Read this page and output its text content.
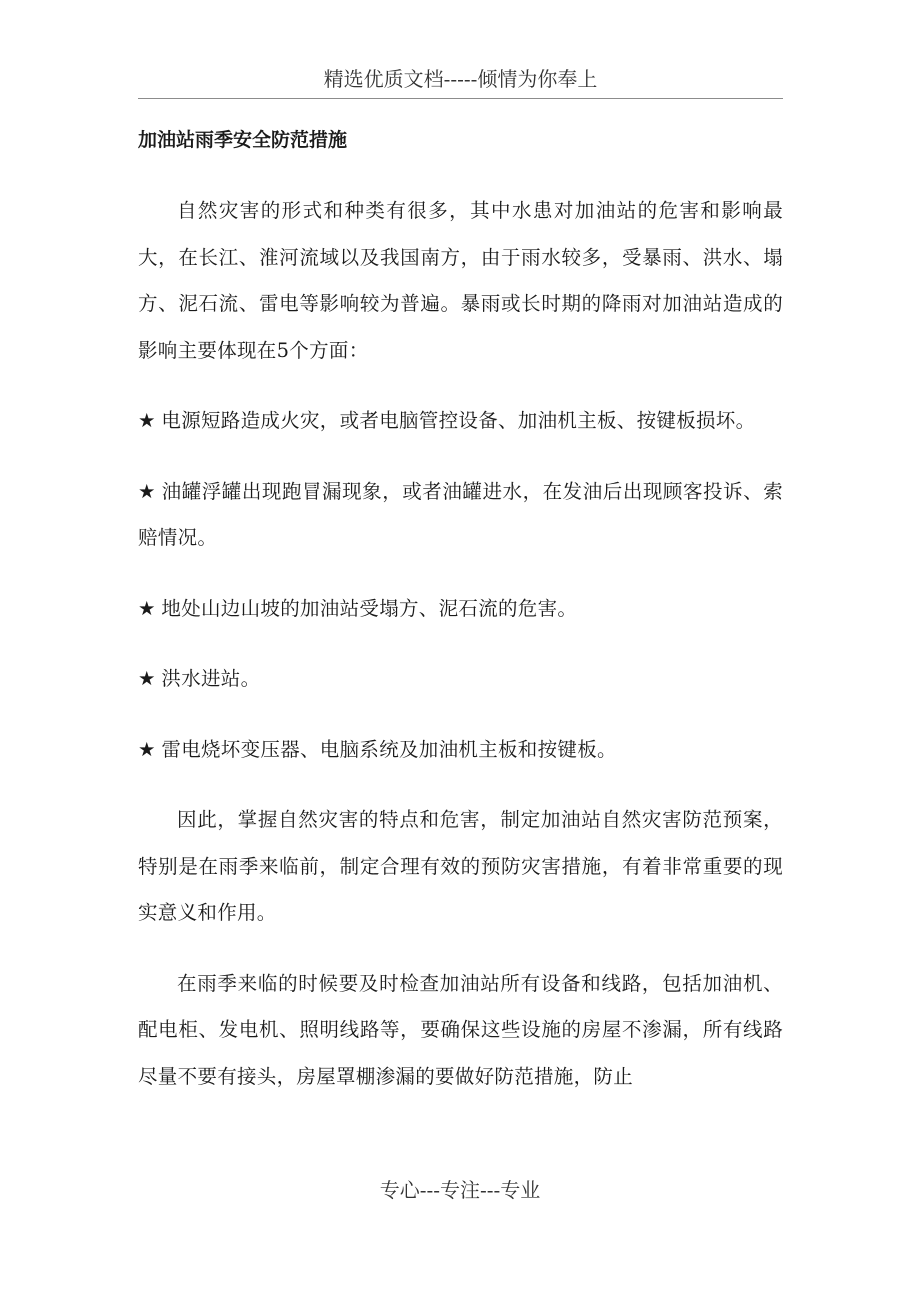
精选优质文档-----倾情为你奉上
加油站雨季安全防范措施

自然灾害的形式和种类有很多，其中水患对加油站的危害和影响最大，在长江、淮河流域以及我国南方，由于雨水较多，受暴雨、洪水、塌方、泥石流、雷电等影响较为普遍。暴雨或长时期的降雨对加油站造成的影响主要体现在5个方面：

★ 电源短路造成火灾，或者电脑管控设备、加油机主板、按键板损坏。

★ 油罐浮罐出现跑冒漏现象，或者油罐进水，在发油后出现顾客投诉、索赔情况。

★ 地处山边山坡的加油站受塌方、泥石流的危害。

★ 洪水进站。

★ 雷电烧坏变压器、电脑系统及加油机主板和按键板。

因此，掌握自然灾害的特点和危害，制定加油站自然灾害防范预案，特别是在雨季来临前，制定合理有效的预防灾害措施，有着非常重要的现实意义和作用。

在雨季来临的时候要及时检查加油站所有设备和线路，包括加油机、配电柜、发电机、照明线路等，要确保这些设施的房屋不渗漏，所有线路尽量不要有接头，房屋罩棚渗漏的要做好防范措施，防止

专心---专注---专业
